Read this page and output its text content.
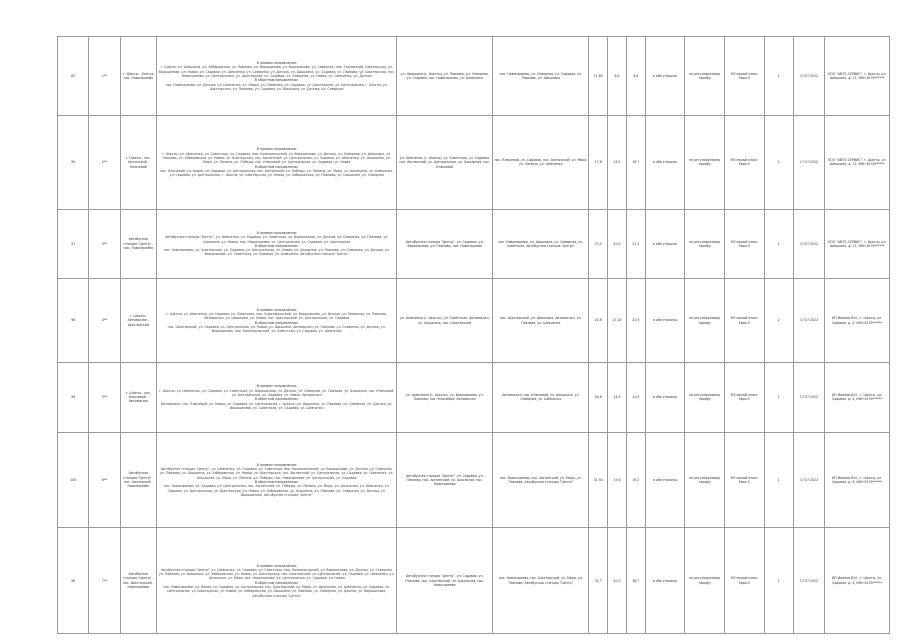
82	1**	г. Шахты - Кантур пос. Новогиреево	В прямом направлении:
г. Шахты: ул. Шишкина, ул. Хабаровская, ул. Павлова, ул. Ворошилова, ул. Ворошилова, ул. Северная, пер. Грачевский, Шахтерская, ул. Ворошилова, ул. Новая, ул. Садовая, ул. Шевченко, ул. Северная, ул. Дачная, ул. Шишкина, ул. Садовая, ул. Павлова, ул. Шахтерская, пос. Новогиреево: ул. Центральная, ул. Шахтерская, ул. Садовая, ул. Северная, ул. Новая, ул. Шевченко, ул. Дачная
В обратном направлении:
пос. Новогиреево: ул. Дачная, ул. Шевченко, ул. Новая, ул. Северная, ул. Садовая, ул. Шахтерская, ул. Центральная, г. Шахты: ул. Шахтерская, ул. Павлова, ул. Садовая, ул. Шишкина, ул. Дачная, ул. Северная	ул. Шишкина (г. Шахты), ул. Павлова, ул. Северная, ул. Садовая, пос. Новогиреево, ул. Шевченко	пос. Новогиреево, ул. Северная, ул. Садовая, ул. Павлова, ул. Шишкина	11,60	8,6	9,6	в обе стороны	по регулируемому тарифу	М3 малый класс Евро-5	1	17.07.2022	ООО "АВТО-СЕРВИС", г. Шахты, ул. Шишкина, д. 12, ИНН 6155******
95	2**	г. Шахты - пос. Аютинский - Ключевой	В прямом направлении:
г. Шахты: ул. Шевченко, ул. Советская, ул. Садовая, пер. Комсомольский, ул. Ворошилова, ул. Дачная, ул. Северная, ул. Шишкина, ул. Павлова, ул. Хабаровская, ул. Новая, ул. Шахтерская, пос. Аютинский: ул. Центральная, ул. Садовая, ул. Шевченко, ул. Школьная, ул. Мира, ул. Ленина, ул. Победы, пос. Ключевой: ул. Центральная, ул. Садовая, ул. Новая
В обратном направлении:
пос. Ключевой: ул. Новая, ул. Садовая, ул. Центральная, пос. Аютинский: ул. Победы, ул. Ленина, ул. Мира, ул. Школьная, ул. Шевченко, ул. Садовая, ул. Центральная, г. Шахты: ул. Шахтерская, ул. Новая, ул. Хабаровская, ул. Павлова, ул. Шишкина, ул. Северная	ул. Шевченко (г. Шахты), ул. Советская, ул. Садовая, пос. Аютинский, ул. Центральная, ул. Школьная, пос. Ключевой	пос. Ключевой, ул. Садовая, пос. Аютинский, ул. Мира, ул. Ленина, ул. Шевченко	17,6	16,5	18,7	в обе стороны	по регулируемому тарифу	М3 малый класс Евро-5	1	17.07.2022	ООО "АВТО-СЕРВИС", г. Шахты, ул. Шишкина, д. 12, ИНН 6155******
97	3**	Автобусная станция "Центр" - пос. Новогиреево	В прямом направлении:
Автобусная станция "Центр", ул. Шевченко, ул. Садовая, ул. Советская, ул. Ворошилова, ул. Дачная, ул. Северная, ул. Павлова, ул. Шишкина, ул. Новая, пос. Новогиреево: ул. Центральная, ул. Садовая, ул. Шахтерская
В обратном направлении:
пос. Новогиреево: ул. Шахтерская, ул. Садовая, ул. Центральная, ул. Новая, ул. Шишкина, ул. Павлова, ул. Северная, ул. Дачная, ул. Ворошилова, ул. Советская, ул. Садовая, ул. Шевченко, Автобусная станция "Центр"	Автобусная станция "Центр", ул. Садовая, ул. Ворошилова, ул. Павлова, пос. Новогиреево	пос. Новогиреево, ул. Шишкина, ул. Северная, ул. Советская, Автобусная станция "Центр"	23,5	20,0	21,5	в обе стороны	по регулируемому тарифу	М3 малый класс Евро-5	1	17.07.2022	ООО "АВТО-СЕРВИС", г. Шахты, ул. Шишкина, д. 12, ИНН 6155******
98	4**	г. Шахты - Автовокзал - Шахтерский	В прямом направлении:
г. Шахты: ул. Шевченко, ул. Садовая, ул. Советская, пер. Комсомольский, ул. Ворошилова, ул. Дачная, ул. Северная, ул. Павлова, Автовокзал, ул. Шишкина, ул. Новая, пос. Шахтерский: ул. Центральная, ул. Садовая
В обратном направлении:
пос. Шахтерский: ул. Садовая, ул. Центральная, ул. Новая, ул. Шишкина, Автовокзал, ул. Павлова, ул. Северная, ул. Дачная, ул. Ворошилова, пер. Комсомольский, ул. Советская, ул. Садовая, ул. Шевченко	ул. Шевченко (г. Шахты), ул. Советская, Автовокзал, ул. Шишкина, пос. Шахтерский	пос. Шахтерский, ул. Шишкина, Автовокзал, ул. Павлова, ул. Шевченко	24,6	17,20	22,9	в обе стороны	по регулируемому тарифу	М3 малый класс Евро-5	2	17.07.2022	ИП Иванов И.И., г. Шахты, ул. Садовая, д. 4, ИНН 6155******
99	5**	г. Шахты - пос. Ключевой - Автовокзал	В прямом направлении:
г. Шахты: ул. Шевченко, ул. Садовая, ул. Советская, ул. Ворошилова, ул. Дачная, ул. Северная, ул. Павлова, ул. Шишкина, пос. Ключевой: ул. Центральная, ул. Садовая, ул. Новая, Автовокзал
В обратном направлении:
Автовокзал, пос. Ключевой: ул. Новая, ул. Садовая, ул. Центральная, г. Шахты: ул. Шишкина, ул. Павлова, ул. Северная, ул. Дачная, ул. Ворошилова, ул. Советская, ул. Садовая, ул. Шевченко	ул. Шевченко (г. Шахты), ул. Ворошилова, ул. Павлова, пос. Ключевой, Автовокзал	Автовокзал, пос. Ключевой, ул. Шишкина, ул. Северная, ул. Шевченко	26,6	14,3	14,9	в обе стороны	по регулируемому тарифу	М3 малый класс Евро-5	1	17.07.2022	ИП Иванов И.И., г. Шахты, ул. Садовая, д. 4, ИНН 6155******
100	6**	Автобусная станция "Центр" - пос. Аютинский - Новогиреево	В прямом направлении:
Автобусная станция "Центр", ул. Шевченко, ул. Садовая, ул. Советская, пер. Комсомольский, ул. Ворошилова, ул. Дачная, ул. Северная, ул. Павлова, ул. Шишкина, ул. Хабаровская, ул. Новая, ул. Шахтерская, пос. Аютинский: ул. Центральная, ул. Садовая, ул. Шевченко, ул. Школьная, ул. Мира, ул. Ленина, ул. Победы, пос. Новогиреево: ул. Центральная, ул. Садовая
В обратном направлении:
пос. Новогиреево: ул. Садовая, ул. Центральная, пос. Аютинский: ул. Победы, ул. Ленина, ул. Мира, ул. Школьная, ул. Шевченко, ул. Садовая, ул. Центральная, ул. Шахтерская, ул. Новая, ул. Хабаровская, ул. Шишкина, ул. Павлова, ул. Северная, ул. Дачная, ул. Ворошилова, Автобусная станция "Центр"	Автобусная станция "Центр", ул. Садовая, ул. Павлова, пос. Аютинский, ул. Школьная, пос. Новогиреево	пос. Новогиреево, пос. Аютинский, ул. Мира, ул. Павлова, Автобусная станция "Центр"	31,94	19,6	19,2	в обе стороны	по регулируемому тарифу	М3 малый класс Евро-5	1	17.07.2022	ИП Иванов И.И., г. Шахты, ул. Садовая, д. 4, ИНН 6155******
96	7**	Автобусная станция "Центр" - пос. Шахтерский - Новогиреево	В прямом направлении:
Автобусная станция "Центр", ул. Шевченко, ул. Садовая, ул. Советская, пер. Комсомольский, ул. Ворошилова, ул. Дачная, ул. Северная, ул. Павлова, ул. Шишкина, ул. Хабаровская, ул. Новая, ул. Шахтерская, пос. Шахтерский: ул. Центральная, ул. Садовая, ул. Шевченко, ул. Школьная, ул. Мира, пос. Новогиреево: ул. Центральная, ул. Садовая, ул. Новая
В обратном направлении:
пос. Новогиреево: ул. Новая, ул. Садовая, ул. Центральная, пос. Шахтерский: ул. Мира, ул. Школьная, ул. Шевченко, ул. Садовая, ул. Центральная, ул. Шахтерская, ул. Новая, ул. Хабаровская, ул. Шишкина, ул. Павлова, ул. Северная, ул. Дачная, ул. Ворошилова, Автобусная станция "Центр"	Автобусная станция "Центр", ул. Садовая, ул. Павлова, пос. Шахтерский, ул. Школьная, пос. Новогиреево	пос. Новогиреево, пос. Шахтерский, ул. Мира, ул. Павлова, Автобусная станция "Центр"	32,7	40,0	36,7	в обе стороны	по регулируемому тарифу	М3 малый класс Евро-5	1	17.07.2022	ИП Иванов И.И., г. Шахты, ул. Садовая, д. 4, ИНН 6155******
